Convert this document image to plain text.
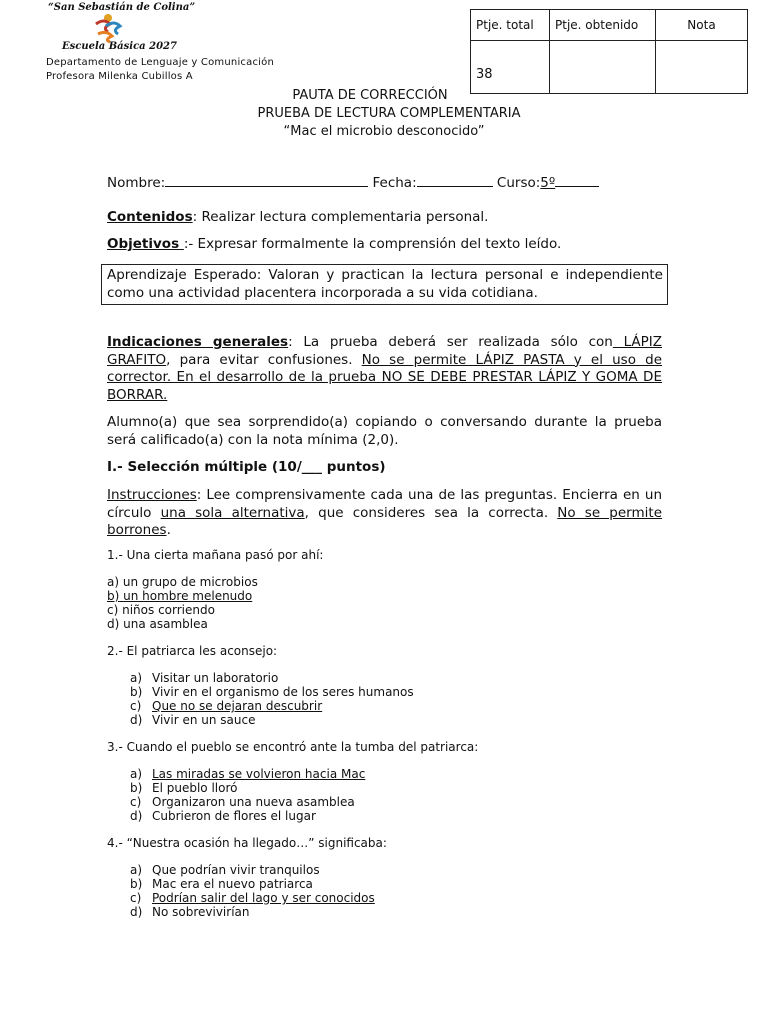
“San Sebastián de Colina”
Escuela Básica 2027
Departamento de Lenguaje y Comunicación
Profesora Milenka Cubillos A
Ptje. total	Ptje. obtenido	Nota
38		
PAUTA DE CORRECCIÓN
PRUEBA DE LECTURA COMPLEMENTARIA
“Mac el microbio desconocido”
Nombre:	Fecha:	Curso:5º
Contenidos: Realizar lectura complementaria personal.
Objetivos :- Expresar formalmente la comprensión del texto leído.
Aprendizaje Esperado: Valoran y practican la lectura personal e independiente como una actividad placentera incorporada a su vida cotidiana.
Indicaciones generales: La prueba deberá ser realizada sólo con LÁPIZ GRAFITO, para evitar confusiones. No se permite LÁPIZ PASTA y el uso de corrector. En el desarrollo de la prueba NO SE DEBE PRESTAR LÁPIZ Y GOMA DE BORRAR.
Alumno(a) que sea sorprendido(a) copiando o conversando durante la prueba será calificado(a) con la nota mínima (2,0).
I.- Selección múltiple (10/___ puntos)
Instrucciones: Lee comprensivamente cada una de las preguntas. Encierra en un círculo una sola alternativa, que consideres sea la correcta. No se permite borrones.
1.- Una cierta mañana pasó por ahí:
a)
un grupo de microbios
b)
un hombre melenudo
c)
niños corriendo
d)
una asamblea
2.- El patriarca les aconsejo:
a) Visitar un laboratorio
b) Vivir en el organismo de los seres humanos
c) Que no se dejaran descubrir
d) Vivir en un sauce
3.- Cuando el pueblo se encontró ante la tumba del patriarca:
a) Las miradas se volvieron hacia Mac
b) El pueblo lloró
c) Organizaron una nueva asamblea
d) Cubrieron de flores el lugar
4.- “Nuestra ocasión ha llegado…” significaba:
a) Que podrían vivir tranquilos
b) Mac era el nuevo patriarca
c) Podrían salir del lago y ser conocidos
d) No sobrevivirían
